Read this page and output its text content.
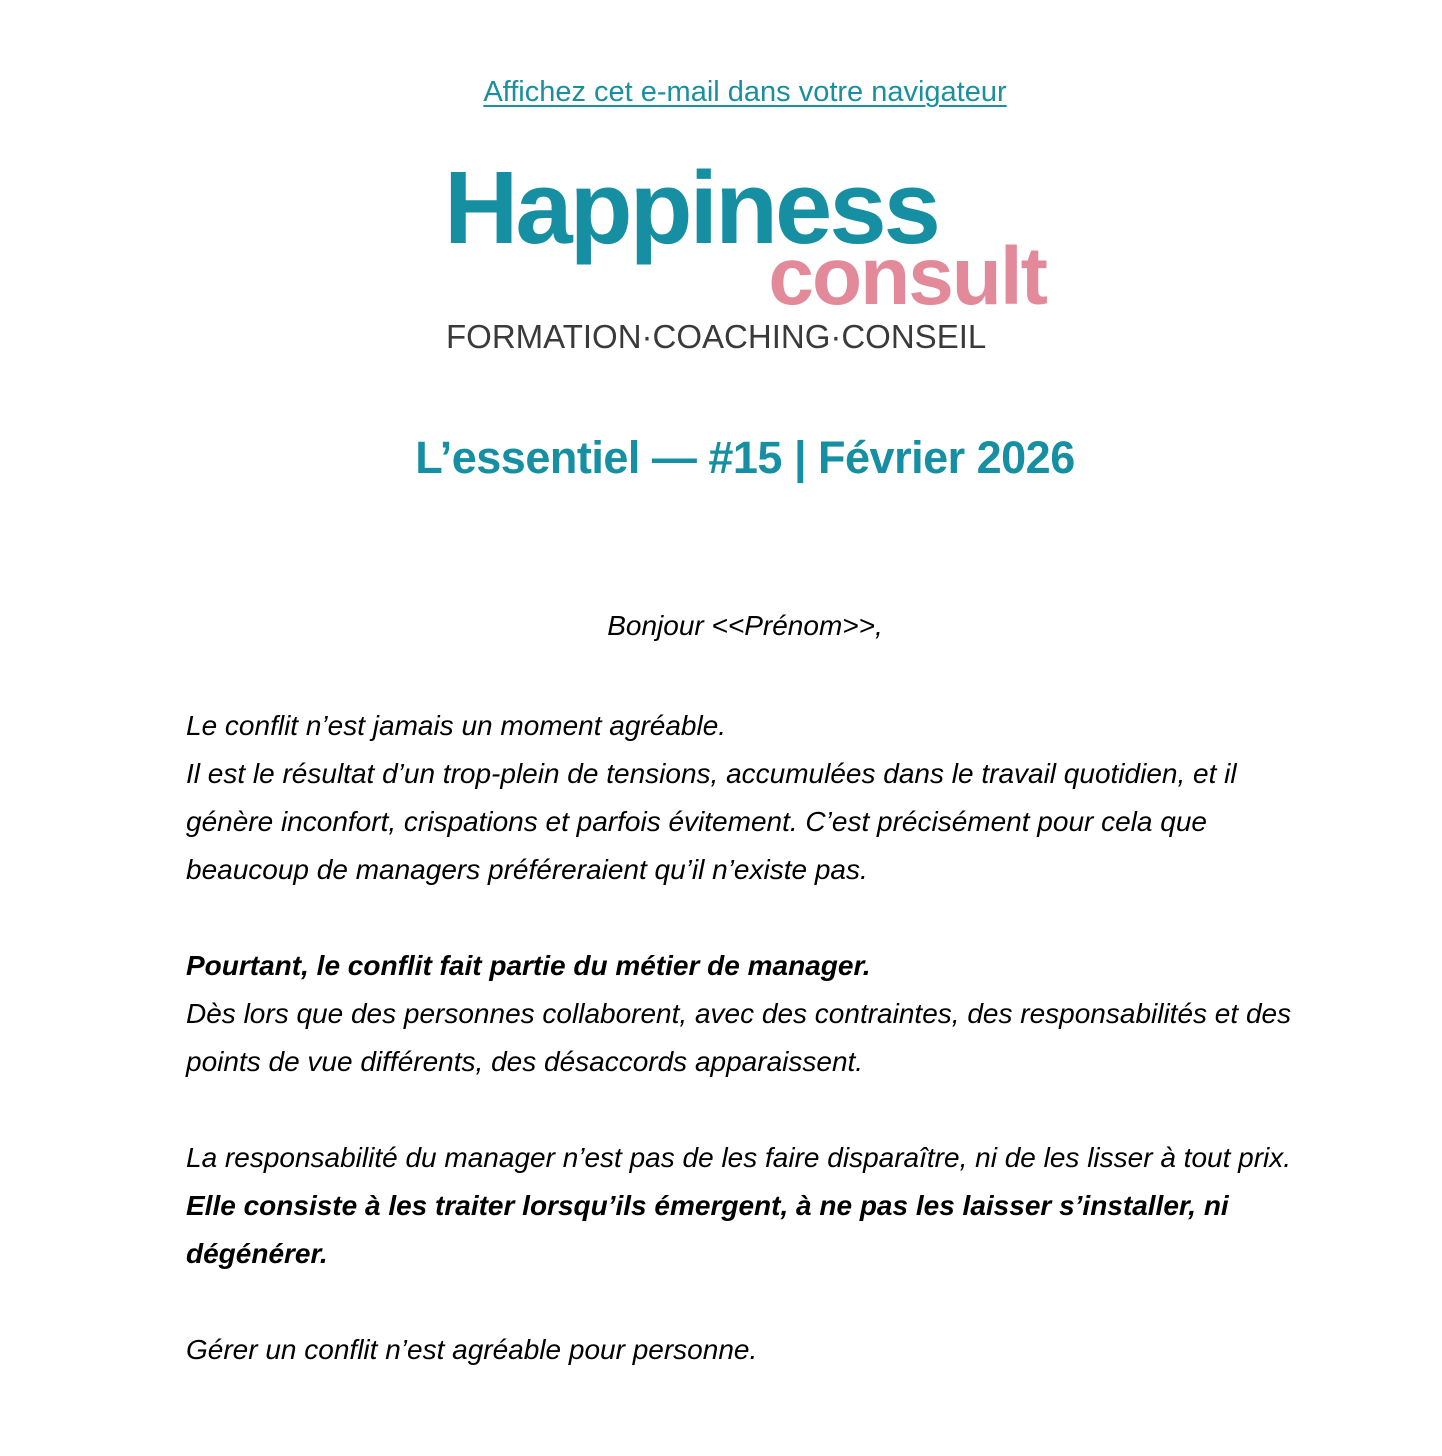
Affichez cet e-mail dans votre navigateur
Happiness
consult
FORMATION·COACHING·CONSEIL
L’essentiel — #15 | Février 2026

Bonjour <<Prénom>>,

Le conflit n’est jamais un moment agréable.
Il est le résultat d’un trop-plein de tensions, accumulées dans le travail quotidien, et il génère inconfort, crispations et parfois évitement. C’est précisément pour cela que beaucoup de managers préféreraient qu’il n’existe pas.

Pourtant, le conflit fait partie du métier de manager.
Dès lors que des personnes collaborent, avec des contraintes, des responsabilités et des points de vue différents, des désaccords apparaissent.

La responsabilité du manager n’est pas de les faire disparaître, ni de les lisser à tout prix.
Elle consiste à les traiter lorsqu’ils émergent, à ne pas les laisser s’installer, ni dégénérer.

Gérer un conflit n’est agréable pour personne.
